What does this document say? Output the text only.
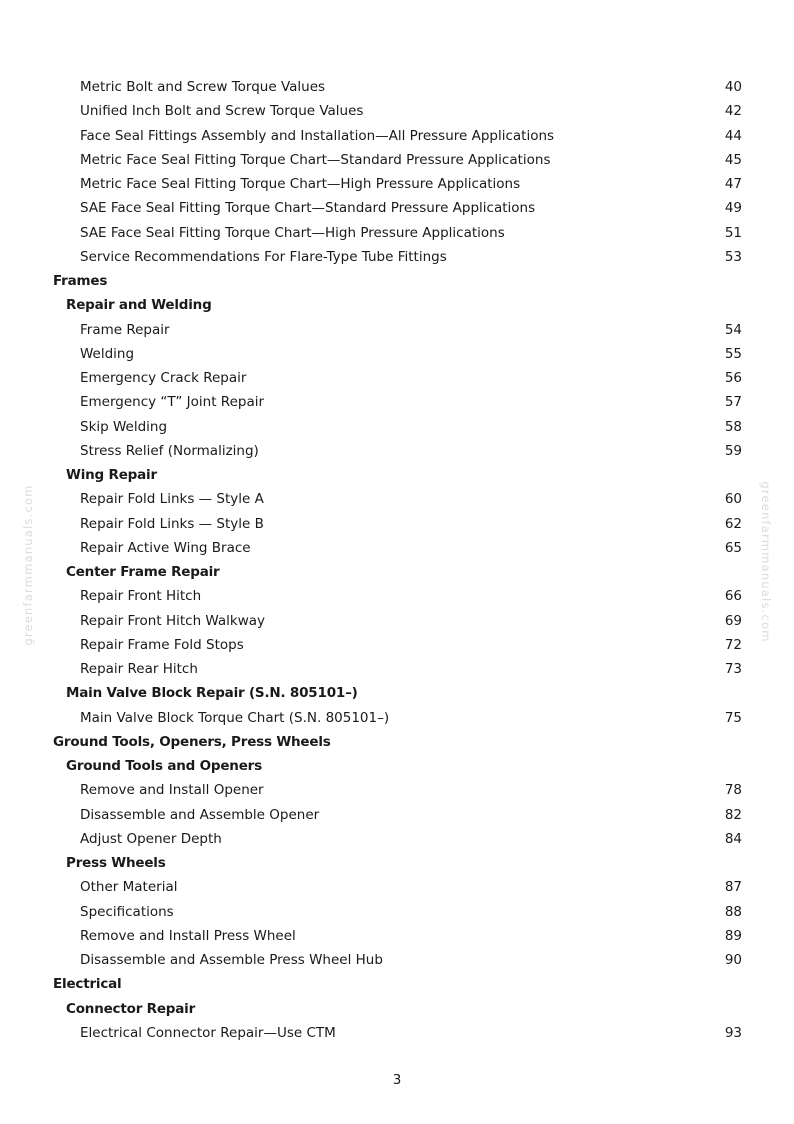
Metric Bolt and Screw Torque Values	40
Unified Inch Bolt and Screw Torque Values	42
Face Seal Fittings Assembly and Installation—All Pressure Applications	44
Metric Face Seal Fitting Torque Chart—Standard Pressure Applications	45
Metric Face Seal Fitting Torque Chart—High Pressure Applications	47
SAE Face Seal Fitting Torque Chart—Standard Pressure Applications	49
SAE Face Seal Fitting Torque Chart—High Pressure Applications	51
Service Recommendations For Flare-Type Tube Fittings	53
Frames
Repair and Welding
Frame Repair	54
Welding	55
Emergency Crack Repair	56
Emergency “T” Joint Repair	57
Skip Welding	58
Stress Relief (Normalizing)	59
Wing Repair
Repair Fold Links — Style A	60
Repair Fold Links — Style B	62
Repair Active Wing Brace	65
Center Frame Repair
Repair Front Hitch	66
Repair Front Hitch Walkway	69
Repair Frame Fold Stops	72
Repair Rear Hitch	73
Main Valve Block Repair (S.N. 805101–)
Main Valve Block Torque Chart (S.N. 805101–)	75
Ground Tools, Openers, Press Wheels
Ground Tools and Openers
Remove and Install Opener	78
Disassemble and Assemble Opener	82
Adjust Opener Depth	84
Press Wheels
Other Material	87
Specifications	88
Remove and Install Press Wheel	89
Disassemble and Assemble Press Wheel Hub	90
Electrical
Connector Repair
Electrical Connector Repair—Use CTM	93
greenfarmmanuals.com	greenfarmmanuals.com
3
